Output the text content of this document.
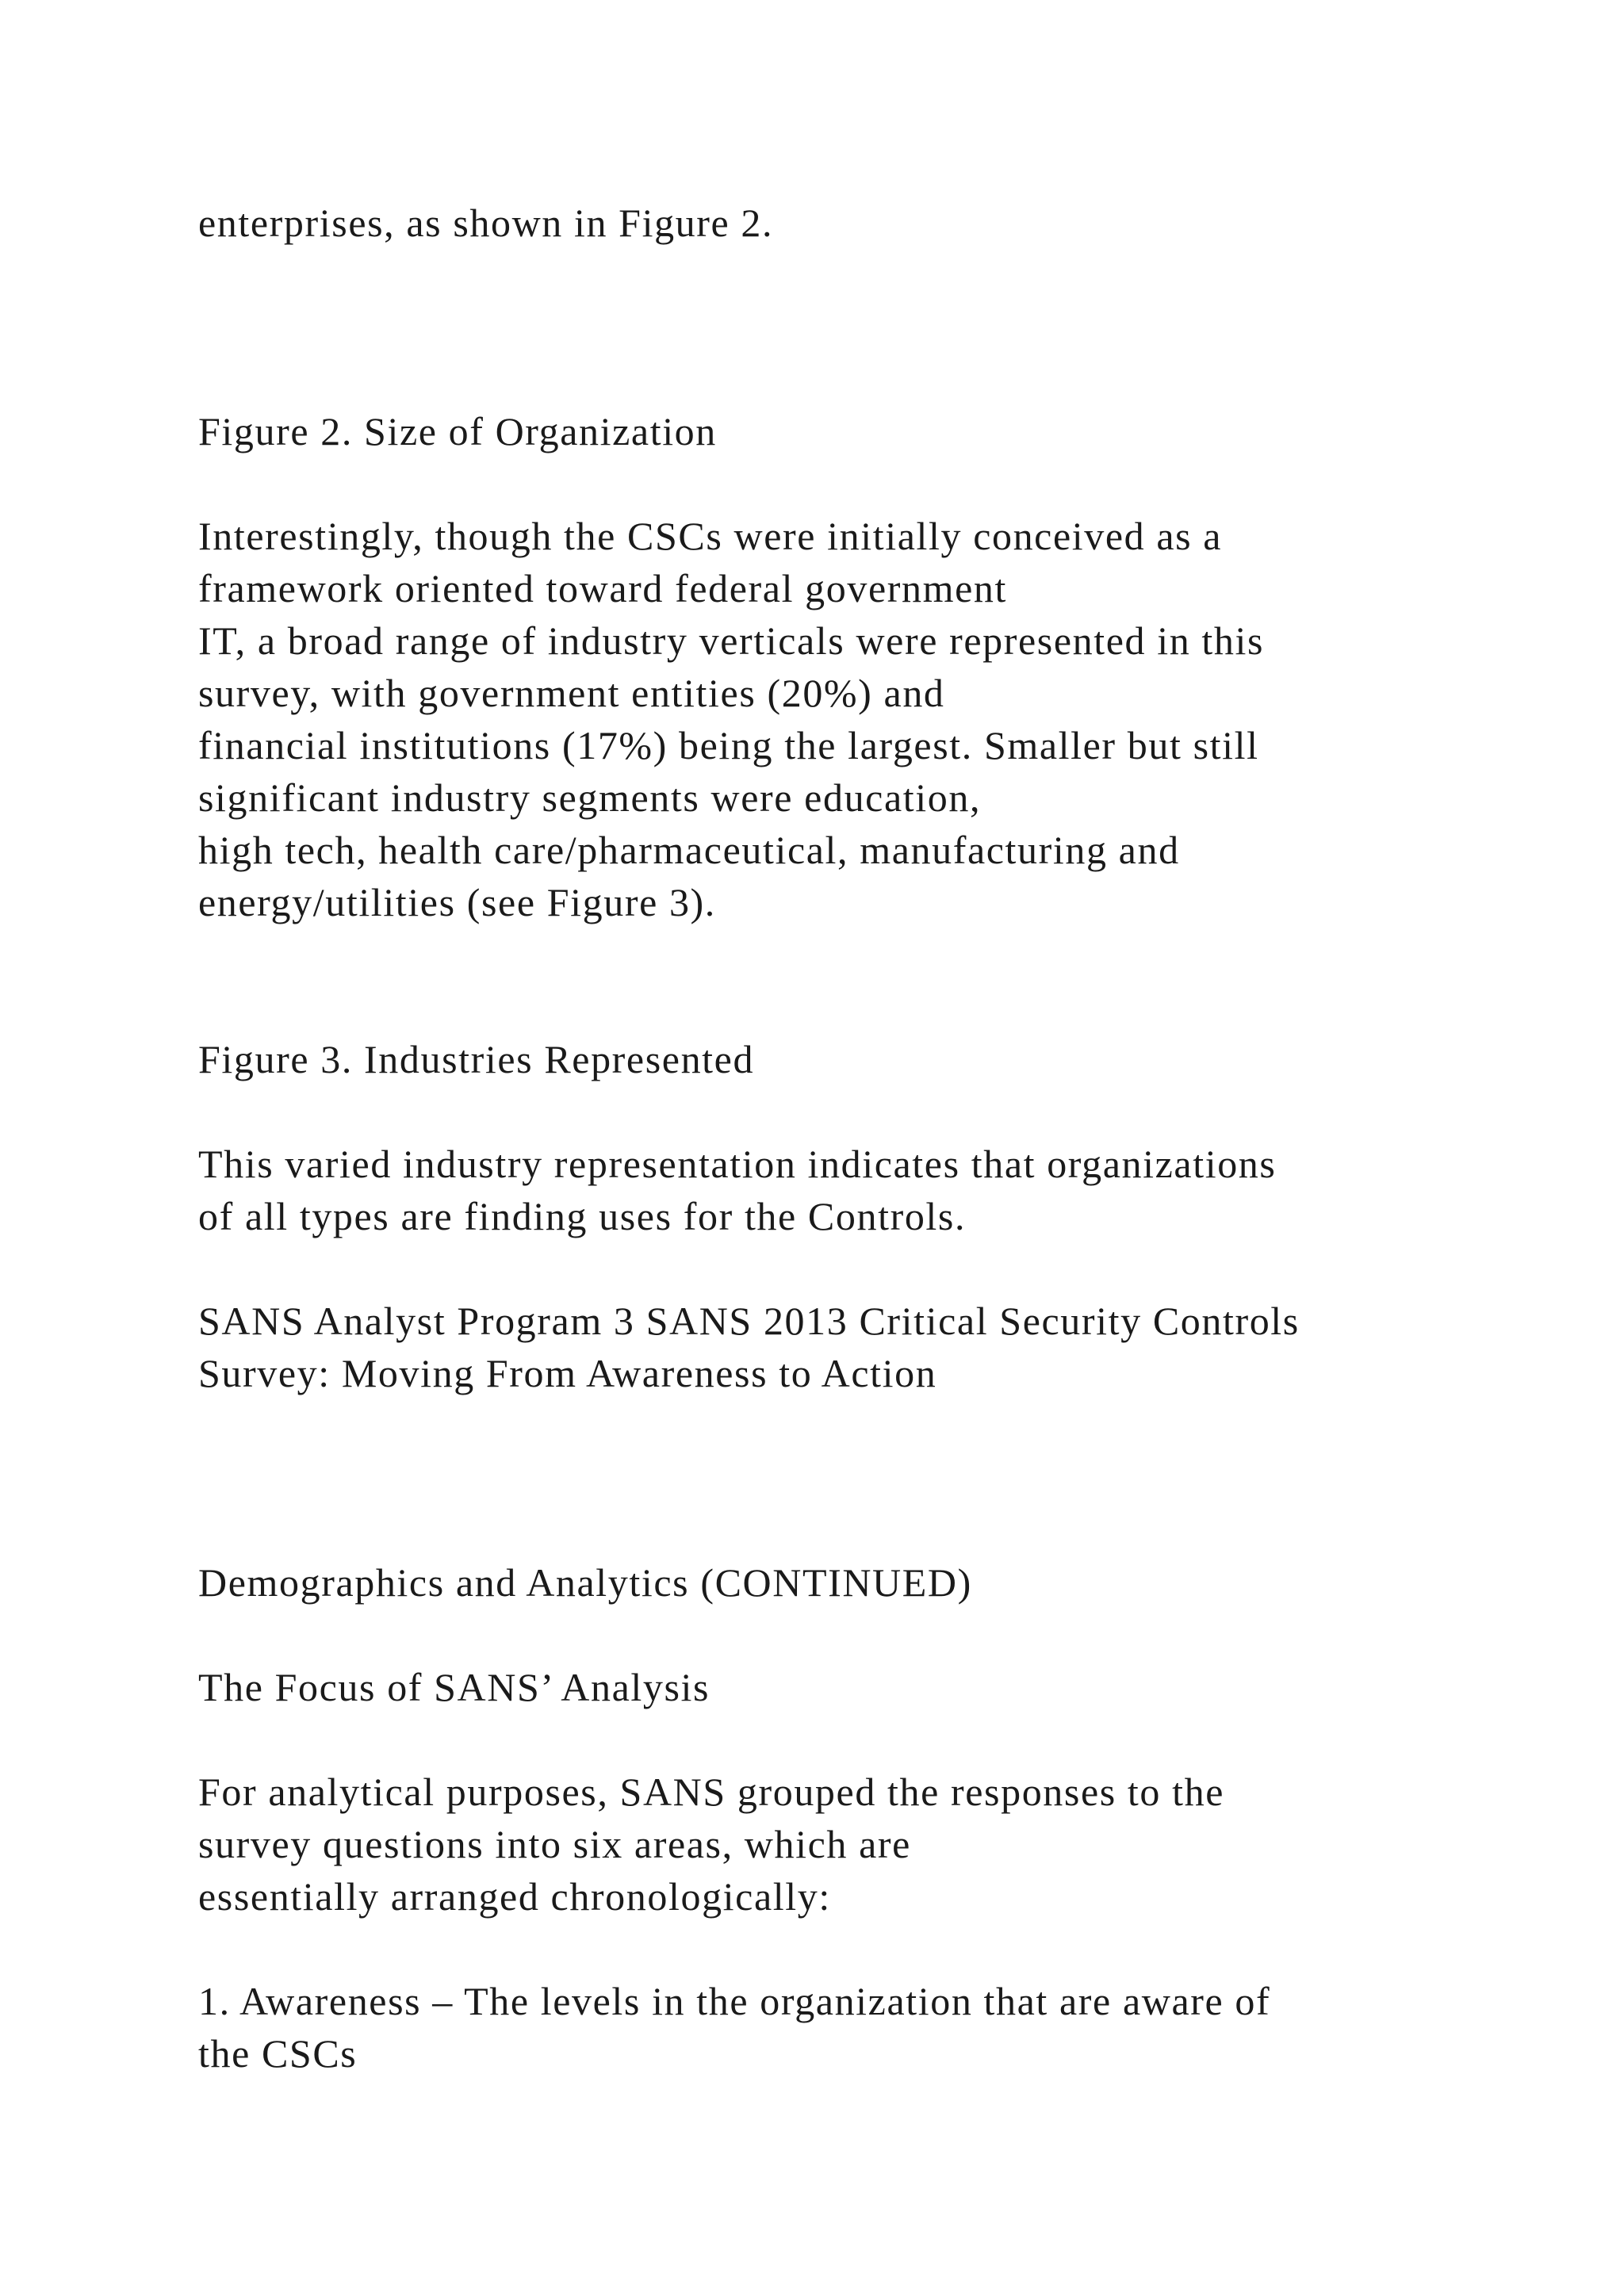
enterprises, as shown in Figure 2.

Figure 2. Size of Organization

Interestingly, though the CSCs were initially conceived as a

framework oriented toward federal government

IT, a broad range of industry verticals were represented in this

survey, with government entities (20%) and

financial institutions (17%) being the largest. Smaller but still

significant industry segments were education,

high tech, health care/pharmaceutical, manufacturing and

energy/utilities (see Figure 3).

Figure 3. Industries Represented

This varied industry representation indicates that organizations

of all types are finding uses for the Controls.

SANS Analyst Program 3 SANS 2013 Critical Security Controls

Survey: Moving From Awareness to Action

Demographics and Analytics (CONTINUED)

The Focus of SANS’ Analysis

For analytical purposes, SANS grouped the responses to the

survey questions into six areas, which are

essentially arranged chronologically:

1. Awareness – The levels in the organization that are aware of

the CSCs
